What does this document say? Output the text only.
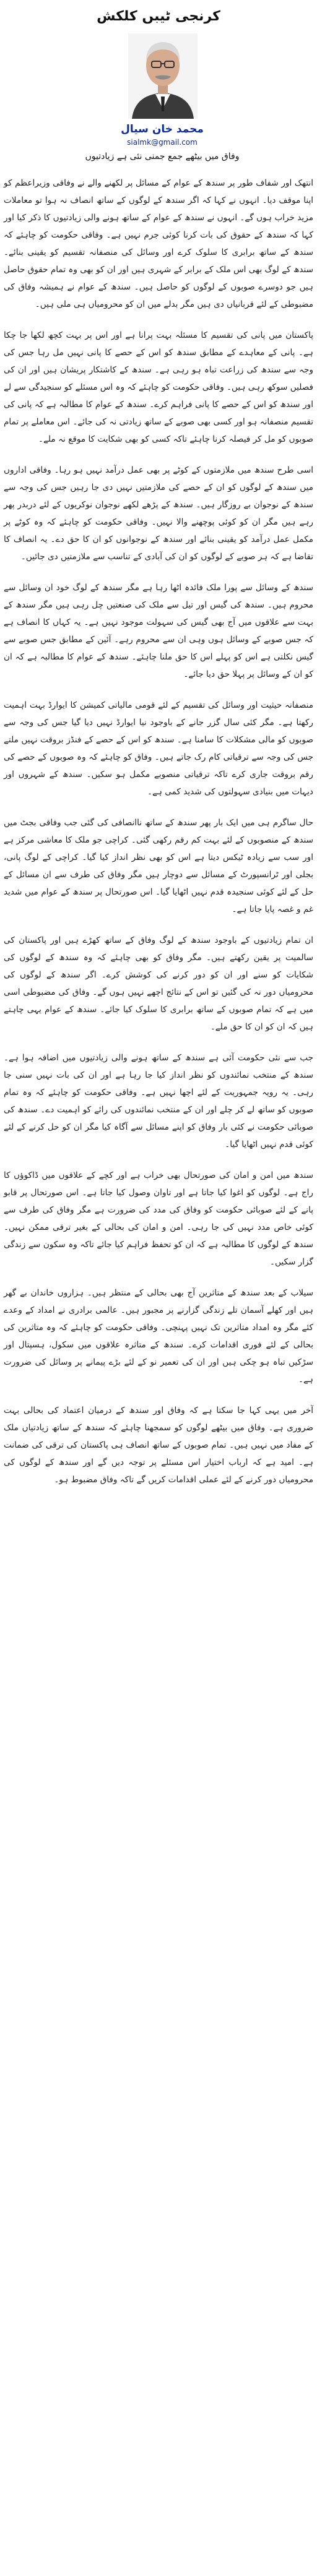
کرنجی ٹیبں کلکش
محمد خان سیال
sialmk@gmail.com
وفاق میں بیٹھے جمع جمنی نئی ہے زیادتیوں

انتھک اور شفاف طور پر سندھ کے عوام کے مسائل پر لکھنے والے نے وفاقی وزیراعظم کو اپنا موقف دیا۔ انہوں نے کہا کہ اگر سندھ کے لوگوں کے ساتھ انصاف نہ ہوا تو معاملات مزید خراب ہوں گے۔ انہوں نے سندھ کے عوام کے ساتھ ہونے والی زیادتیوں کا ذکر کیا اور کہا کہ سندھ کے حقوق کی بات کرنا کوئی جرم نہیں ہے۔ وفاقی حکومت کو چاہئے کہ سندھ کے ساتھ برابری کا سلوک کرے اور وسائل کی منصفانہ تقسیم کو یقینی بنائے۔ سندھ کے لوگ بھی اس ملک کے برابر کے شہری ہیں اور ان کو بھی وہ تمام حقوق حاصل ہیں جو دوسرے صوبوں کے لوگوں کو حاصل ہیں۔ سندھ کے عوام نے ہمیشہ وفاق کی مضبوطی کے لئے قربانیاں دی ہیں مگر بدلے میں ان کو محرومیاں ہی ملی ہیں۔

پاکستان میں پانی کی تقسیم کا مسئلہ بہت پرانا ہے اور اس پر بہت کچھ لکھا جا چکا ہے۔ پانی کے معاہدے کے مطابق سندھ کو اس کے حصے کا پانی نہیں مل رہا جس کی وجہ سے سندھ کی زراعت تباہ ہو رہی ہے۔ سندھ کے کاشتکار پریشان ہیں اور ان کی فصلیں سوکھ رہی ہیں۔ وفاقی حکومت کو چاہئے کہ وہ اس مسئلے کو سنجیدگی سے لے اور سندھ کو اس کے حصے کا پانی فراہم کرے۔ سندھ کے عوام کا مطالبہ ہے کہ پانی کی تقسیم منصفانہ ہو اور کسی بھی صوبے کے ساتھ زیادتی نہ کی جائے۔ اس معاملے پر تمام صوبوں کو مل کر فیصلہ کرنا چاہئے تاکہ کسی کو بھی شکایت کا موقع نہ ملے۔

اسی طرح سندھ میں ملازمتوں کے کوٹے پر بھی عمل درآمد نہیں ہو رہا۔ وفاقی اداروں میں سندھ کے لوگوں کو ان کے حصے کی ملازمتیں نہیں دی جا رہیں جس کی وجہ سے سندھ کے نوجوان بے روزگار ہیں۔ سندھ کے پڑھے لکھے نوجوان نوکریوں کے لئے دربدر پھر رہے ہیں مگر ان کو کوئی پوچھنے والا نہیں۔ وفاقی حکومت کو چاہئے کہ وہ کوٹے پر مکمل عمل درآمد کو یقینی بنائے اور سندھ کے نوجوانوں کو ان کا حق دے۔ یہ انصاف کا تقاضا ہے کہ ہر صوبے کے لوگوں کو ان کی آبادی کے تناسب سے ملازمتیں دی جائیں۔

سندھ کے وسائل سے پورا ملک فائدہ اٹھا رہا ہے مگر سندھ کے لوگ خود ان وسائل سے محروم ہیں۔ سندھ کی گیس اور تیل سے ملک کی صنعتیں چل رہی ہیں مگر سندھ کے بہت سے علاقوں میں آج بھی گیس کی سہولت موجود نہیں ہے۔ یہ کہاں کا انصاف ہے کہ جس صوبے کے وسائل ہوں وہی ان سے محروم رہے۔ آئین کے مطابق جس صوبے سے گیس نکلتی ہے اس کو پہلے اس کا حق ملنا چاہئے۔ سندھ کے عوام کا مطالبہ ہے کہ ان کو ان کے وسائل پر پہلا حق دیا جائے۔

منصفانہ حیثیت اور وسائل کی تقسیم کے لئے قومی مالیاتی کمیشن کا ایوارڈ بہت اہمیت رکھتا ہے۔ مگر کئی سال گزر جانے کے باوجود نیا ایوارڈ نہیں دیا گیا جس کی وجہ سے صوبوں کو مالی مشکلات کا سامنا ہے۔ سندھ کو اس کے حصے کے فنڈز بروقت نہیں ملتے جس کی وجہ سے ترقیاتی کام رک جاتے ہیں۔ وفاق کو چاہئے کہ وہ صوبوں کے حصے کی رقم بروقت جاری کرے تاکہ ترقیاتی منصوبے مکمل ہو سکیں۔ سندھ کے شہروں اور دیہات میں بنیادی سہولتوں کی شدید کمی ہے۔

حال ساگرم ہی میں ایک بار پھر سندھ کے ساتھ ناانصافی کی گئی جب وفاقی بجٹ میں سندھ کے منصوبوں کے لئے بہت کم رقم رکھی گئی۔ کراچی جو ملک کا معاشی مرکز ہے اور سب سے زیادہ ٹیکس دیتا ہے اس کو بھی نظر انداز کیا گیا۔ کراچی کے لوگ پانی، بجلی اور ٹرانسپورٹ کے مسائل سے دوچار ہیں مگر وفاق کی طرف سے ان مسائل کے حل کے لئے کوئی سنجیدہ قدم نہیں اٹھایا گیا۔ اس صورتحال پر سندھ کے عوام میں شدید غم و غصہ پایا جاتا ہے۔

ان تمام زیادتیوں کے باوجود سندھ کے لوگ وفاق کے ساتھ کھڑے ہیں اور پاکستان کی سالمیت پر یقین رکھتے ہیں۔ مگر وفاق کو بھی چاہئے کہ وہ سندھ کے لوگوں کی شکایات کو سنے اور ان کو دور کرنے کی کوشش کرے۔ اگر سندھ کے لوگوں کی محرومیاں دور نہ کی گئیں تو اس کے نتائج اچھے نہیں ہوں گے۔ وفاق کی مضبوطی اسی میں ہے کہ تمام صوبوں کے ساتھ برابری کا سلوک کیا جائے۔ سندھ کے عوام یہی چاہتے ہیں کہ ان کو ان کا حق ملے۔

جب سے نئی حکومت آئی ہے سندھ کے ساتھ ہونے والی زیادتیوں میں اضافہ ہوا ہے۔ سندھ کے منتخب نمائندوں کو نظر انداز کیا جا رہا ہے اور ان کی بات نہیں سنی جا رہی۔ یہ رویہ جمہوریت کے لئے اچھا نہیں ہے۔ وفاقی حکومت کو چاہئے کہ وہ تمام صوبوں کو ساتھ لے کر چلے اور ان کے منتخب نمائندوں کی رائے کو اہمیت دے۔ سندھ کی صوبائی حکومت نے کئی بار وفاق کو اپنے مسائل سے آگاہ کیا مگر ان کو حل کرنے کے لئے کوئی قدم نہیں اٹھایا گیا۔

سندھ میں امن و امان کی صورتحال بھی خراب ہے اور کچے کے علاقوں میں ڈاکوؤں کا راج ہے۔ لوگوں کو اغوا کیا جاتا ہے اور تاوان وصول کیا جاتا ہے۔ اس صورتحال پر قابو پانے کے لئے صوبائی حکومت کو وفاق کی مدد کی ضرورت ہے مگر وفاق کی طرف سے کوئی خاص مدد نہیں کی جا رہی۔ امن و امان کی بحالی کے بغیر ترقی ممکن نہیں۔ سندھ کے لوگوں کا مطالبہ ہے کہ ان کو تحفظ فراہم کیا جائے تاکہ وہ سکون سے زندگی گزار سکیں۔

سیلاب کے بعد سندھ کے متاثرین آج بھی بحالی کے منتظر ہیں۔ ہزاروں خاندان بے گھر ہیں اور کھلے آسمان تلے زندگی گزارنے پر مجبور ہیں۔ عالمی برادری نے امداد کے وعدے کئے مگر وہ امداد متاثرین تک نہیں پہنچی۔ وفاقی حکومت کو چاہئے کہ وہ متاثرین کی بحالی کے لئے فوری اقدامات کرے۔ سندھ کے متاثرہ علاقوں میں سکول، ہسپتال اور سڑکیں تباہ ہو چکی ہیں اور ان کی تعمیر نو کے لئے بڑے پیمانے پر وسائل کی ضرورت ہے۔

آخر میں یہی کہا جا سکتا ہے کہ وفاق اور سندھ کے درمیان اعتماد کی بحالی بہت ضروری ہے۔ وفاق میں بیٹھے لوگوں کو سمجھنا چاہئے کہ سندھ کے ساتھ زیادتیاں ملک کے مفاد میں نہیں ہیں۔ تمام صوبوں کے ساتھ انصاف ہی پاکستان کی ترقی کی ضمانت ہے۔ امید ہے کہ ارباب اختیار اس مسئلے پر توجہ دیں گے اور سندھ کے لوگوں کی محرومیاں دور کرنے کے لئے عملی اقدامات کریں گے تاکہ وفاق مضبوط ہو۔
